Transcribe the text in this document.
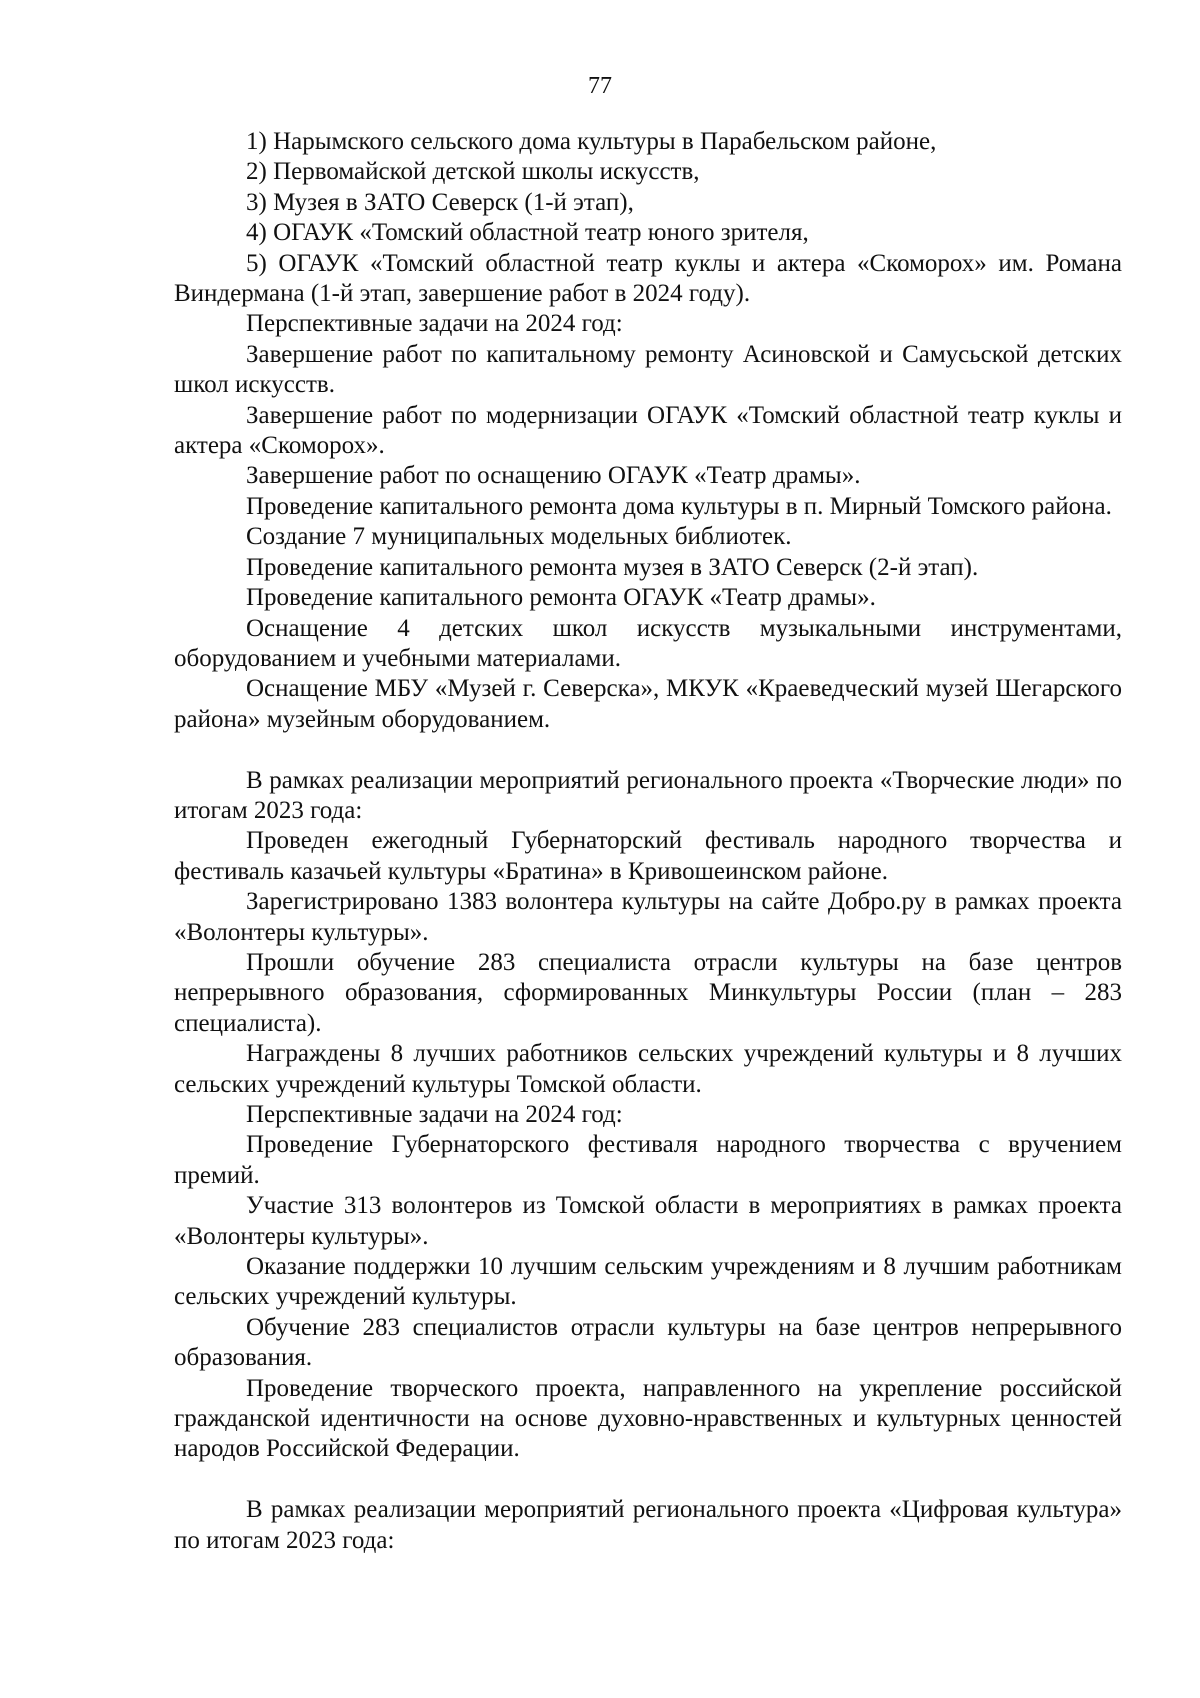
77

1) Нарымского сельского дома культуры в Парабельском районе,

2) Первомайской детской школы искусств,

3) Музея в ЗАТО Северск (1-й этап),

4) ОГАУК «Томский областной театр юного зрителя,

5) ОГАУК «Томский областной театр куклы и актера «Скоморох» им. Романа Виндермана (1-й этап, завершение работ в 2024 году).

Перспективные задачи на 2024 год:

Завершение работ по капитальному ремонту Асиновской и Самусьской детских школ искусств.

Завершение работ по модернизации ОГАУК «Томский областной театр куклы и актера «Скоморох».

Завершение работ по оснащению ОГАУК «Театр драмы».

Проведение капитального ремонта дома культуры в п. Мирный Томского района.

Создание 7 муниципальных модельных библиотек.

Проведение капитального ремонта музея в ЗАТО Северск (2-й этап).

Проведение капитального ремонта ОГАУК «Театр драмы».

Оснащение 4 детских школ искусств музыкальными инструментами, оборудованием и учебными материалами.

Оснащение МБУ «Музей г. Северска», МКУК «Краеведческий музей Шегарского района» музейным оборудованием.

В рамках реализации мероприятий регионального проекта «Творческие люди» по итогам 2023 года:

Проведен ежегодный Губернаторский фестиваль народного творчества и фестиваль казачьей культуры «Братина» в Кривошеинском районе.

Зарегистрировано 1383 волонтера культуры на сайте Добро.ру в рамках проекта «Волонтеры культуры».

Прошли обучение 283 специалиста отрасли культуры на базе центров непрерывного образования, сформированных Минкультуры России (план – 283 специалиста).

Награждены 8 лучших работников сельских учреждений культуры и 8 лучших сельских учреждений культуры Томской области.

Перспективные задачи на 2024 год:

Проведение Губернаторского фестиваля народного творчества с вручением премий.

Участие 313 волонтеров из Томской области в мероприятиях в рамках проекта «Волонтеры культуры».

Оказание поддержки 10 лучшим сельским учреждениям и 8 лучшим работникам сельских учреждений культуры.

Обучение 283 специалистов отрасли культуры на базе центров непрерывного образования.

Проведение творческого проекта, направленного на укрепление российской гражданской идентичности на основе духовно-нравственных и культурных ценностей народов Российской Федерации.

В рамках реализации мероприятий регионального проекта «Цифровая культура» по итогам 2023 года:
